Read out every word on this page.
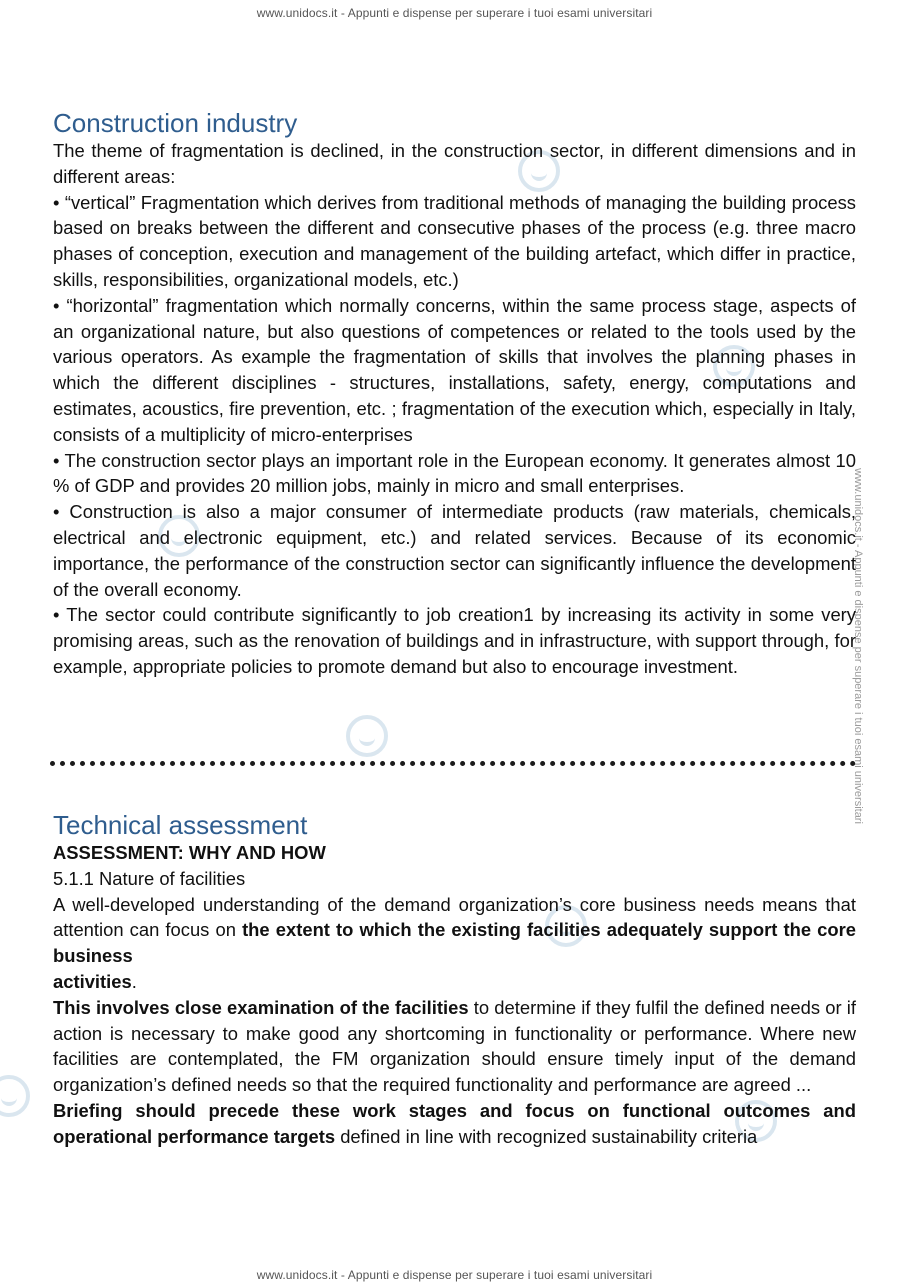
www.unidocs.it - Appunti e dispense per superare i tuoi esami universitari
www.unidocs.it - Appunti e dispense per superare i tuoi esami universitari
www.unidocs.it - Appunti e dispense per superare i tuoi esami universitari
Construction industry

The theme of fragmentation is declined, in the construction sector, in different dimensions and in different areas:

• “vertical” Fragmentation which derives from traditional methods of managing the building process based on breaks between the different and consecutive phases of the process (e.g. three macro phases of conception, execution and management of the building artefact, which differ in practice, skills, responsibilities, organizational models, etc.)

• “horizontal” fragmentation which normally concerns, within the same process stage, aspects of an organizational nature, but also questions of competences or related to the tools used by the various operators. As example the fragmentation of skills that involves the planning phases in which the different disciplines - structures, installations, safety, energy, computations and estimates, acoustics, fire prevention, etc. ; fragmentation of the execution which, especially in Italy, consists of a multiplicity of micro-enterprises

• The construction sector plays an important role in the European economy. It generates almost 10 % of GDP and provides 20 million jobs, mainly in micro and small enterprises.

• Construction is also a major consumer of intermediate products (raw materials, chemicals, electrical and electronic equipment, etc.) and related services. Because of its economic importance, the performance of the construction sector can significantly influence the development of the overall economy.

• The sector could contribute significantly to job creation1 by increasing its activity in some very promising areas, such as the renovation of buildings and in infrastructure, with support through, for example, appropriate policies to promote demand but also to encourage investment.

Technical assessment
ASSESSMENT: WHY AND HOW

5.1.1 Nature of facilities

A well-developed understanding of the demand organization’s core business needs means that attention can focus on the extent to which the existing facilities adequately support the core business

activities.

This involves close examination of the facilities to determine if they fulfil the defined needs or if action is necessary to make good any shortcoming in functionality or performance. Where new facilities are contemplated, the FM organization should ensure timely input of the demand organization’s defined needs so that the required functionality and performance are agreed ...

Briefing should precede these work stages and focus on functional outcomes and operational performance targets defined in line with recognized sustainability criteria
